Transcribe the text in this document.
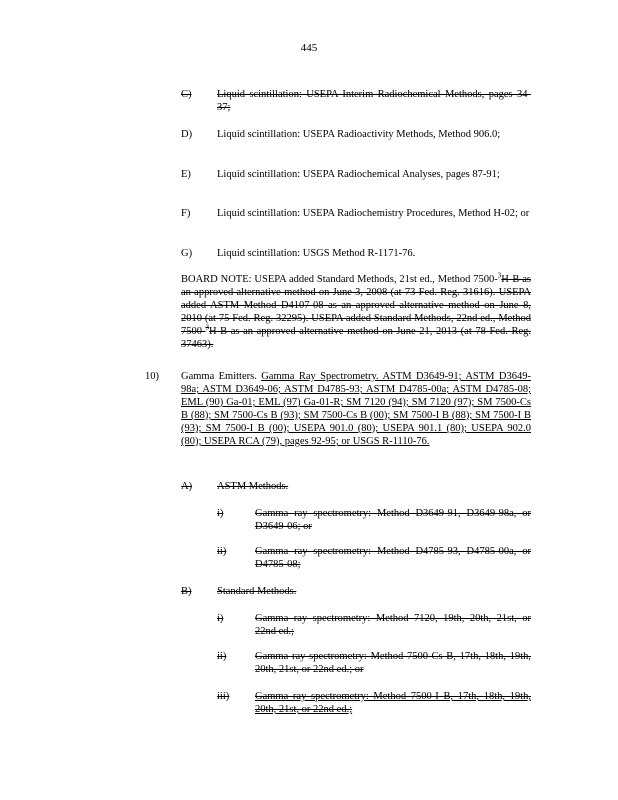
445
C) Liquid scintillation: USEPA Interim Radiochemical Methods, pages 34-37;
D) Liquid scintillation: USEPA Radioactivity Methods, Method 906.0;
E) Liquid scintillation: USEPA Radiochemical Analyses, pages 87-91;
F)	Liquid scintillation: USEPA Radiochemistry Procedures, Method H-02; or
G) Liquid scintillation: USGS Method R-1171-76.
BOARD NOTE: USEPA added Standard Methods, 21st ed., Method 7500-$^3$H-B as an approved alternative method on June 3, 2008 (at 73 Fed. Reg. 31616). USEPA added ASTM Method D4107-08 as an approved alternative method on June 8, 2010 (at 75 Fed. Reg. 32295). USEPA added Standard Methods, 22nd ed., Method 7500-$^3$H-B as an approved alternative method on June 21, 2013 (at 78 Fed. Reg. 37463).
10) Gamma Emitters. Gamma Ray Spectrometry. ASTM D3649-91; ASTM D3649-98a; ASTM D3649-06; ASTM D4785-93; ASTM D4785-00a; ASTM D4785-08; EML (90) Ga-01; EML (97) Ga-01-R; SM 7120 (94); SM 7120 (97); SM 7500-Cs B (88); SM 7500-Cs B (93); SM 7500-Cs B (00); SM 7500-I B (88); SM 7500-I B (93); SM 7500-I B (00); USEPA 901.0 (80); USEPA 901.1 (80); USEPA 902.0 (80); USEPA RCA (79), pages 92-95; or USGS R-1110-76.
A) ASTM Methods.
i)	Gamma ray spectrometry: Method D3649-91, D3649-98a, or D3649-06; or
ii)	Gamma ray spectrometry: Method D4785-93, D4785-00a, or D4785-08;
B) Standard Methods.
i)	Gamma ray spectrometry: Method 7120, 19th, 20th, 21st, or 22nd ed.;
ii)	Gamma ray spectrometry: Method 7500-Cs B, 17th, 18th, 19th, 20th, 21st, or 22nd ed.; or
iii) Gamma ray spectrometry: Method 7500-I B, 17th, 18th, 19th, 20th, 21st, or 22nd ed.;
